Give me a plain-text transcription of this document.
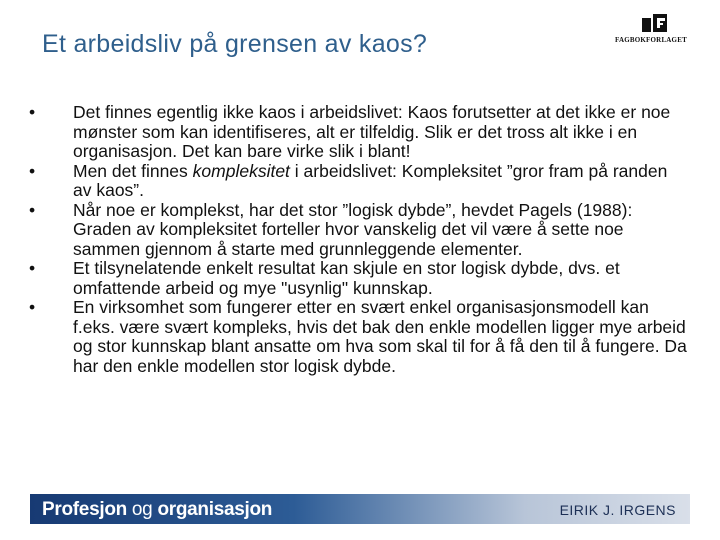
Et arbeidsliv på grensen av kaos?	FAGBOKFORLAGET
•	Det finnes egentlig ikke kaos i arbeidslivet: Kaos forutsetter at det ikke er noe mønster som kan identifiseres, alt er tilfeldig. Slik er det tross alt ikke i en organisasjon. Det kan bare virke slik i blant!
•	Men det finnes kompleksitet i arbeidslivet: Kompleksitet ”gror fram på randen av kaos”.
•	Når noe er komplekst, har det stor ”logisk dybde”, hevdet Pagels (1988): Graden av kompleksitet forteller hvor vanskelig det vil være å sette noe sammen gjennom å starte med grunnleggende elementer.
•	Et tilsynelatende enkelt resultat kan skjule en stor logisk dybde, dvs. et omfattende arbeid og mye "usynlig" kunnskap.
•	En virksomhet som fungerer etter en svært enkel organisasjonsmodell kan f.eks. være svært kompleks, hvis det bak den enkle modellen ligger mye arbeid og stor kunnskap blant ansatte om hva som skal til for å få den til å fungere. Da har den enkle modellen stor logisk dybde.
Profesjon og organisasjon	EIRIK J. IRGENS
